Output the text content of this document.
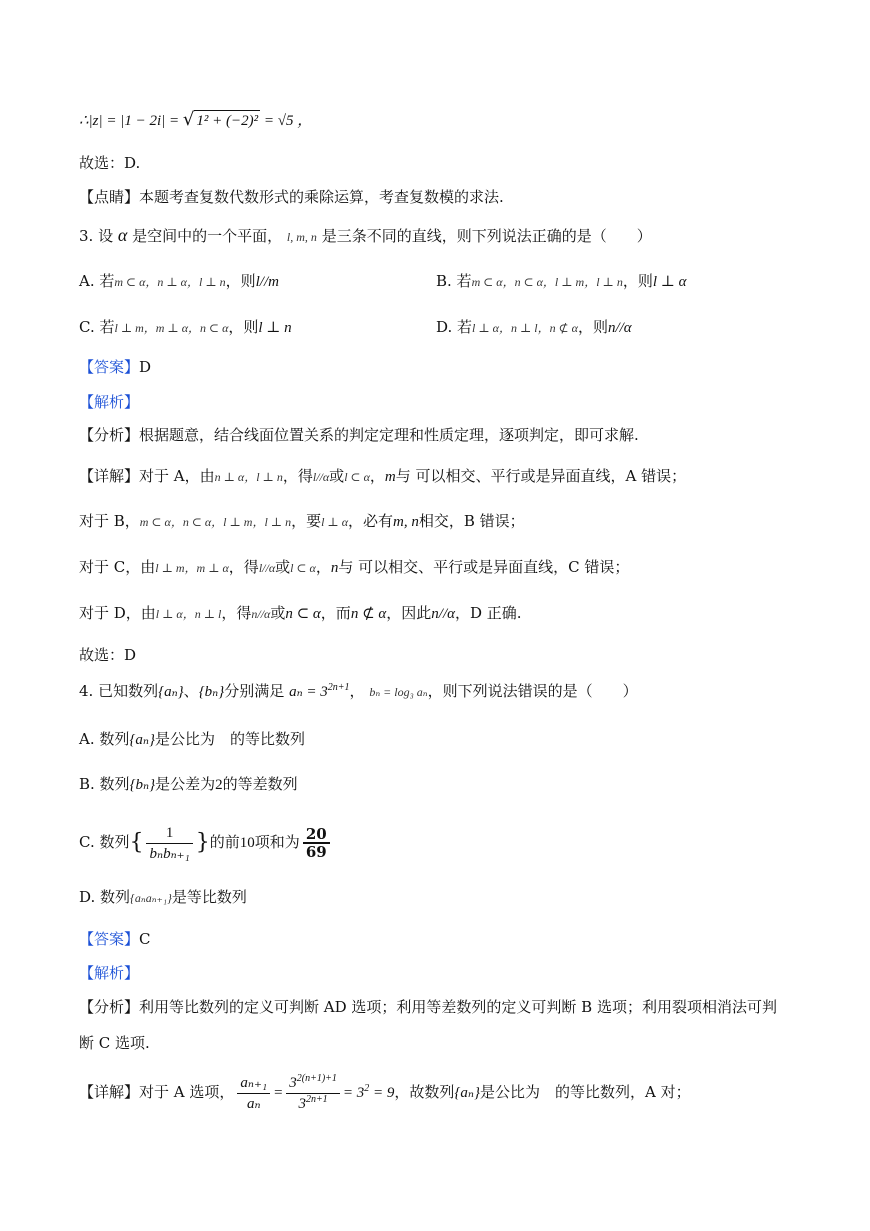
∴|z| = |1 − 2i| = √ 1² + (−2)² = √5 ，
故选：D.
【点睛】本题考查复数代数形式的乘除运算，考查复数模的求法.
3. 设 α 是空间中的一个平面， l, m, n 是三条不同的直线，则下列说法正确的是（　　）
A. 若m ⊂ α，n ⊥ α，l ⊥ n，则l//m	B. 若m ⊂ α，n ⊂ α，l ⊥ m，l ⊥ n，则l ⊥ α
C. 若l ⊥ m，m ⊥ α，n ⊂ α，则l ⊥ n	D. 若l ⊥ α，n ⊥ l，n ⊄ α，则n//α
【答案】D
【解析】
【分析】根据题意，结合线面位置关系的判定定理和性质定理，逐项判定，即可求解.
【详解】对于 A，由n ⊥ α，l ⊥ n，得l//α或l ⊂ α，m与 可以相交、平行或是异面直线，A 错误；
对于 B，m ⊂ α，n ⊂ α，l ⊥ m，l ⊥ n，要l ⊥ α，必有m, n相交，B 错误；
对于 C，由l ⊥ m，m ⊥ α，得l//α或l ⊂ α，n与 可以相交、平行或是异面直线，C 错误；
对于 D，由l ⊥ α，n ⊥ l，得n//α或n ⊂ α，而n ⊄ α，因此n//α，D 正确.
故选：D
4. 已知数列{aₙ}、{bₙ}分别满足 $a_n = 3^{2n+1}$， bₙ = log₃ aₙ，则下列说法错误的是（　　）
A. 数列{aₙ}是公比为　的等比数列
B. 数列{bₙ}是公差为2的等差数列
C. 数列{ $\frac{1}{\text{bₙbₙ₊₁}}$ }的前10项和为 $\frac{20}{69}$
D. 数列{aₙaₙ₊₁}是等比数列
【答案】C
【解析】
【分析】利用等比数列的定义可判断 AD 选项；利用等差数列的定义可判断 B 选项；利用裂项相消法可判
断 C 选项.
【详解】对于 A 选项， $\frac{\text{aₙ₊₁}}{\text{aₙ}} = \frac{3^{2(n+1)+1}}{3^{2n+1}} = 3^2 = 9$，故数列{aₙ}是公比为　的等比数列，A 对；
